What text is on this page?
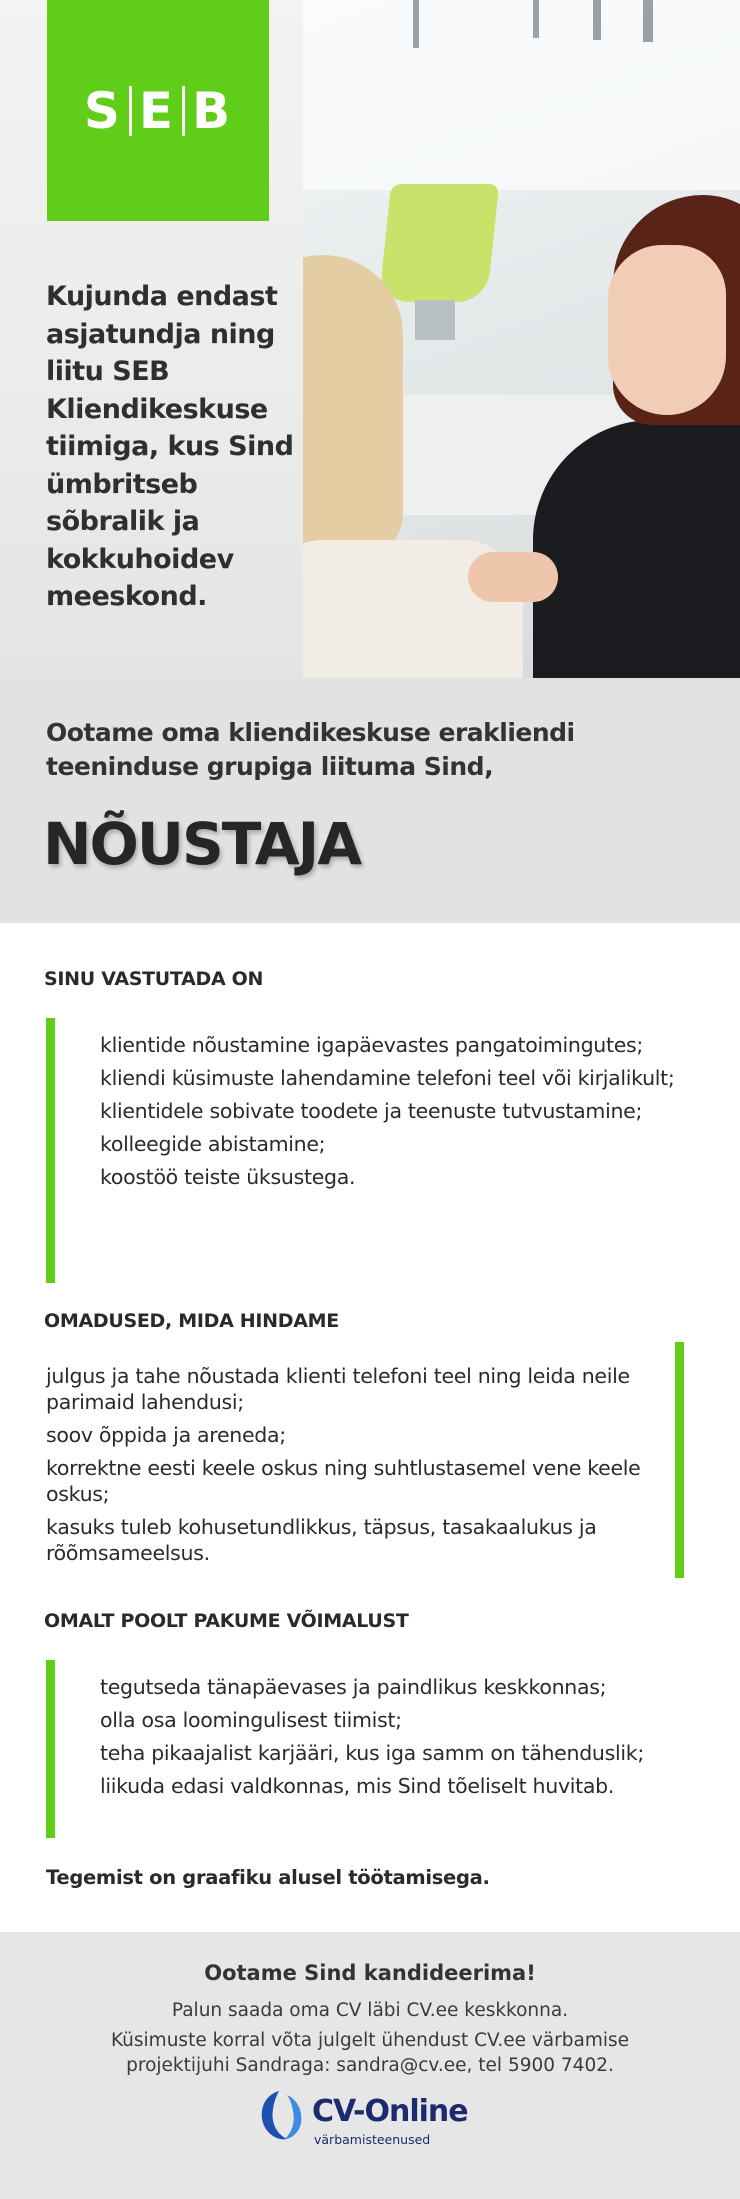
S E B
Kujunda endast asjatundja ning liitu SEB Kliendikeskuse tiimiga, kus Sind ümbritseb sõbralik ja kokkuhoidev meeskond.
Ootame oma kliendikeskuse erakliendi teeninduse grupiga liituma Sind,
NÕUSTAJA
SINU VASTUTADA ON
klientide nõustamine igapäevastes pangatoimingutes;
kliendi küsimuste lahendamine telefoni teel või kirjalikult;
klientidele sobivate toodete ja teenuste tutvustamine;
kolleegide abistamine;
koostöö teiste üksustega.
OMADUSED, MIDA HINDAME
julgus ja tahe nõustada klienti telefoni teel ning leida neile parimaid lahendusi;
soov õppida ja areneda;
korrektne eesti keele oskus ning suhtlustasemel vene keele oskus;
kasuks tuleb kohusetundlikkus, täpsus, tasakaalukus ja rõõmsameelsus.
OMALT POOLT PAKUME VÕIMALUST
tegutseda tänapäevases ja paindlikus keskkonnas;
olla osa loomingulisest tiimist;
teha pikaajalist karjääri, kus iga samm on tähenduslik;
liikuda edasi valdkonnas, mis Sind tõeliselt huvitab.
Tegemist on graafiku alusel töötamisega.
Ootame Sind kandideerima!
Palun saada oma CV läbi CV.ee keskkonna.
Küsimuste korral võta julgelt ühendust CV.ee värbamise projektijuhi Sandraga: sandra@cv.ee, tel 5900 7402.
CV-Online
värbamisteenused
